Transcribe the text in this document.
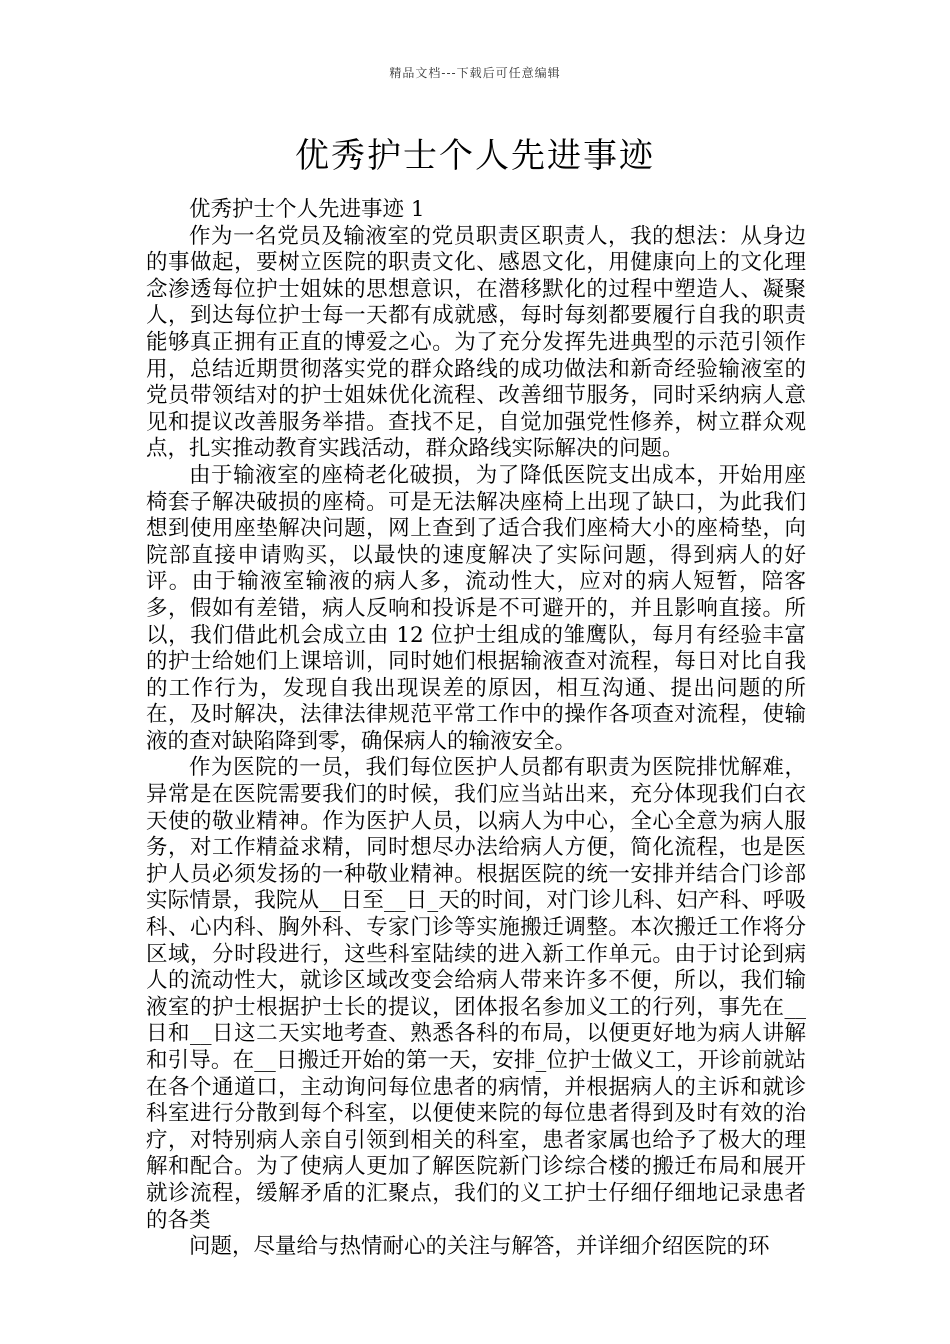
精品文档---下载后可任意编辑
优秀护士个人先进事迹

优秀护士个人先进事迹 1

作为一名党员及输液室的党员职责区职责人，我的想法：从身边的事做起，要树立医院的职责文化、感恩文化，用健康向上的文化理念渗透每位护士姐妹的思想意识，在潜移默化的过程中塑造人、凝聚人，到达每位护士每一天都有成就感，每时每刻都要履行自我的职责能够真正拥有正直的博爱之心。为了充分发挥先进典型的示范引领作用，总结近期贯彻落实党的群众路线的成功做法和新奇经验输液室的党员带领结对的护士姐妹优化流程、改善细节服务，同时采纳病人意见和提议改善服务举措。查找不足，自觉加强党性修养，树立群众观点，扎实推动教育实践活动，群众路线实际解决的问题。

由于输液室的座椅老化破损，为了降低医院支出成本，开始用座椅套子解决破损的座椅。可是无法解决座椅上出现了缺口，为此我们想到使用座垫解决问题，网上查到了适合我们座椅大小的座椅垫，向院部直接申请购买，以最快的速度解决了实际问题，得到病人的好评。由于输液室输液的病人多，流动性大，应对的病人短暂，陪客多，假如有差错，病人反响和投诉是不可避开的，并且影响直接。所以，我们借此机会成立由 12 位护士组成的雏鹰队，每月有经验丰富的护士给她们上课培训，同时她们根据输液查对流程，每日对比自我的工作行为，发现自我出现误差的原因，相互沟通、提出问题的所在，及时解决，法律法律规范平常工作中的操作各项查对流程，使输液的查对缺陷降到零，确保病人的输液安全。

作为医院的一员，我们每位医护人员都有职责为医院排忧解难，异常是在医院需要我们的时候，我们应当站出来，充分体现我们白衣天使的敬业精神。作为医护人员，以病人为中心，全心全意为病人服务，对工作精益求精，同时想尽办法给病人方便，简化流程，也是医护人员必须发扬的一种敬业精神。根据医院的统一安排并结合门诊部实际情景，我院从__日至__日_天的时间，对门诊儿科、妇产科、呼吸科、心内科、胸外科、专家门诊等实施搬迁调整。本次搬迁工作将分区域，分时段进行，这些科室陆续的进入新工作单元。由于讨论到病人的流动性大，就诊区域改变会给病人带来许多不便，所以，我们输液室的护士根据护士长的提议，团体报名参加义工的行列，事先在__日和__日这二天实地考查、熟悉各科的布局，以便更好地为病人讲解和引导。在__日搬迁开始的第一天，安排_位护士做义工，开诊前就站在各个通道口，主动询问每位患者的病情，并根据病人的主诉和就诊科室进行分散到每个科室，以便使来院的每位患者得到及时有效的治疗，对特别病人亲自引领到相关的科室，患者家属也给予了极大的理解和配合。为了使病人更加了解医院新门诊综合楼的搬迁布局和展开就诊流程，缓解矛盾的汇聚点，我们的义工护士仔细仔细地记录患者的各类

问题，尽量给与热情耐心的关注与解答，并详细介绍医院的环
